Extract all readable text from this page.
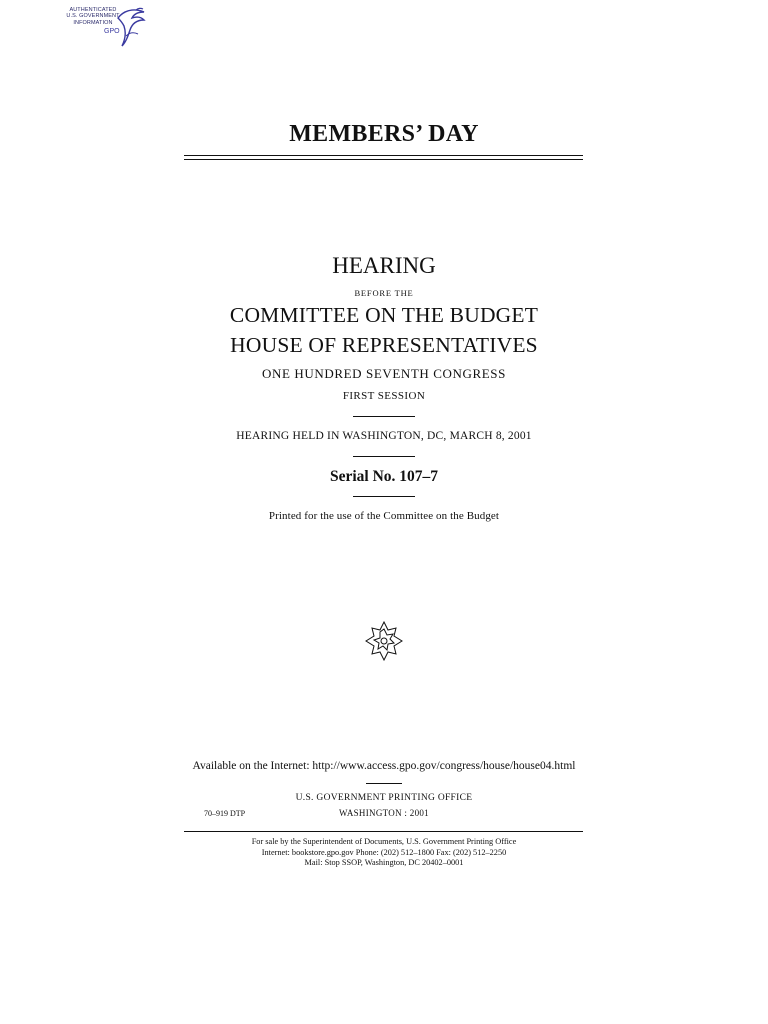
AUTHENTICATED
U.S. GOVERNMENT
INFORMATION
GPO
MEMBERS’ DAY
HEARING
BEFORE THE
COMMITTEE ON THE BUDGET
HOUSE OF REPRESENTATIVES
ONE HUNDRED SEVENTH CONGRESS
FIRST SESSION
HEARING HELD IN WASHINGTON, DC, MARCH 8, 2001
Serial No. 107–7
Printed for the use of the Committee on the Budget
Available on the Internet: http://www.access.gpo.gov/congress/house/house04.html
U.S. GOVERNMENT PRINTING OFFICE
70–919 DTP	WASHINGTON : 2001
For sale by the Superintendent of Documents, U.S. Government Printing Office
Internet: bookstore.gpo.gov Phone: (202) 512–1800 Fax: (202) 512–2250
Mail: Stop SSOP, Washington, DC 20402–0001
